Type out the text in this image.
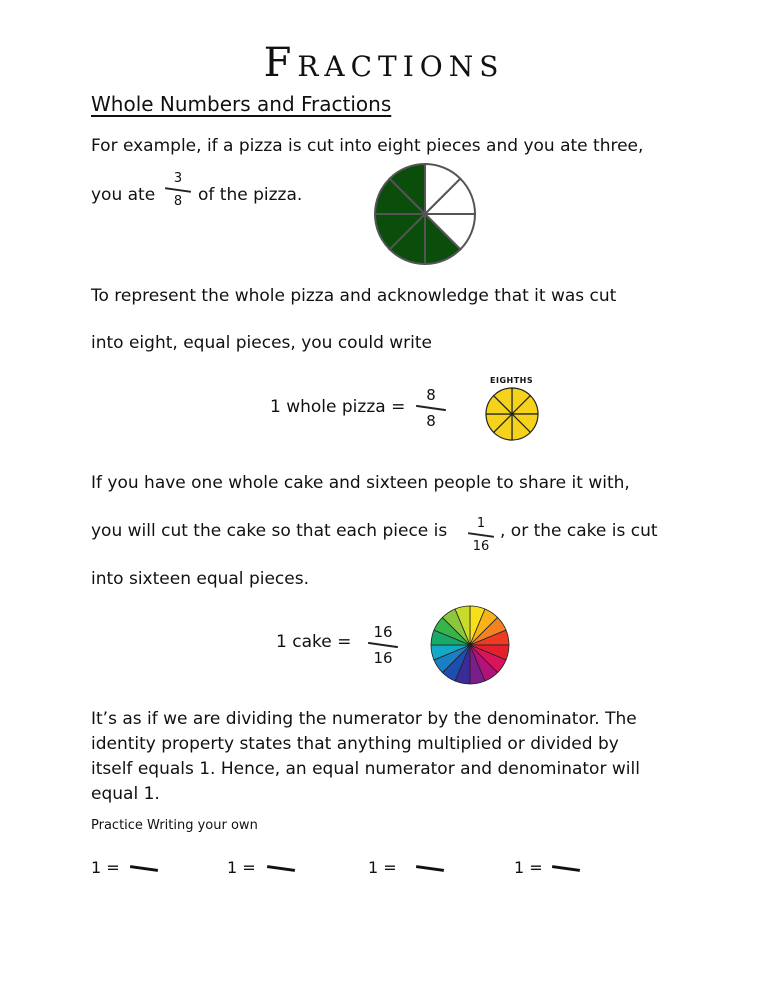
Fractions
Whole Numbers and Fractions
For example, if a pizza is cut into eight pieces and you ate three,
you ate
3
8 of the pizza.
To represent the whole pizza and acknowledge that it was cut
into eight, equal pieces, you could write
1 whole pizza =
8
8
EIGHTHS
If you have one whole cake and sixteen people to share it with,
you will cut the cake so that each piece is	1
16
, or the cake is cut
into sixteen equal pieces.
1 cake =	16
16
It’s as if we are dividing the numerator by the denominator. The
identity property states that anything multiplied or divided by
itself equals 1. Hence, an equal numerator and denominator will
equal 1.
Practice Writing your own
1 =	1 =	1 =	1 =
